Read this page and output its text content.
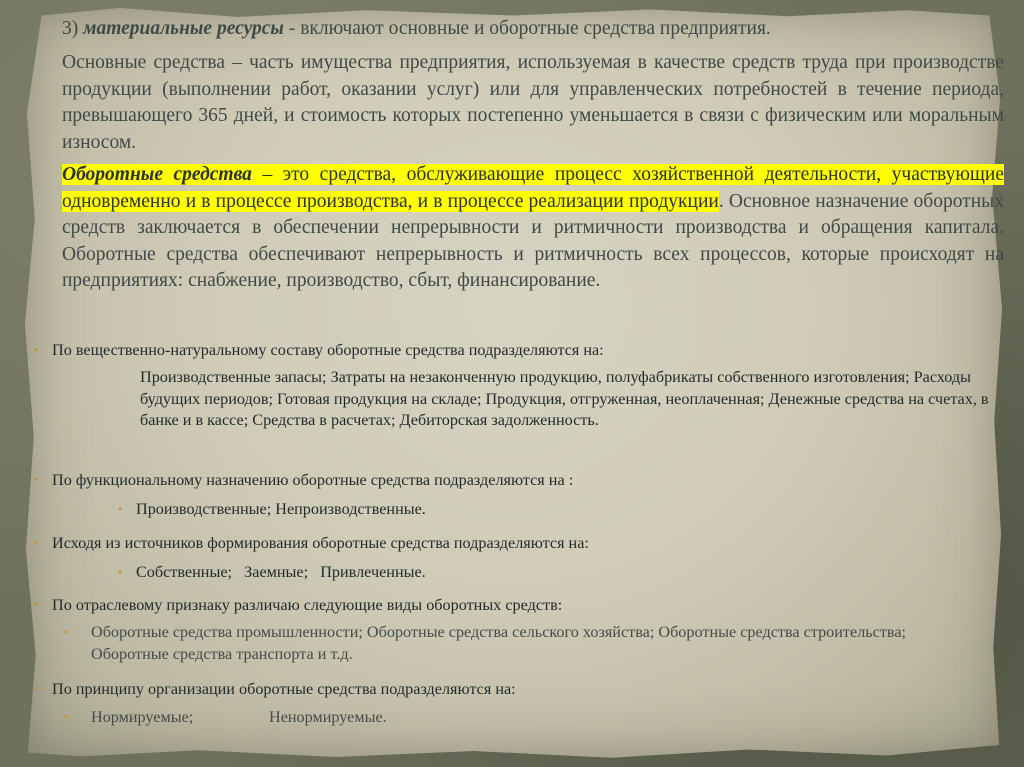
3) материальные ресурсы - включают основные и оборотные средства предприятия.
Основные средства – часть имущества предприятия, используемая в качестве средств труда при производстве продукции (выполнении работ, оказании услуг) или для управленческих потребностей в течение периода, превышающего 365 дней, и стоимость которых постепенно уменьшается в связи с физическим или моральным износом.
Оборотные средства – это средства, обслуживающие процесс хозяйственной деятельности, участвующие одновременно и в процессе производства, и в процессе реализации продукции. Основное назначение оборотных средств заключается в обеспечении непрерывности и ритмичности производства и обращения капитала. Оборотные средства обеспечивают непрерывность и ритмичность всех процессов, которые происходят на предприятиях: снабжение, производство, сбыт, финансирование.
• По вещественно-натуральному составу оборотные средства подразделяются на:
Производственные запасы; Затраты на незаконченную продукцию, полуфабрикаты собственного изготовления; Расходы будущих периодов; Готовая продукция на складе; Продукция, отгруженная, неоплаченная; Денежные средства на счетах, в банке и в кассе; Средства в расчетах; Дебиторская задолженность.
• По функциональному назначению оборотные средства подразделяются на :
• Производственные; Непроизводственные.
• Исходя из источников формирования оборотные средства подразделяются на:
• Собственные;   Заемные;   Привлеченные.
• По отраслевому признаку различаю следующие виды оборотных средств:
• Оборотные средства промышленности; Оборотные средства сельского хозяйства; Оборотные средства строительства; Оборотные средства транспорта и т.д.
• По принципу организации оборотные средства подразделяются на:
• Нормируемые;	Ненормируемые.
